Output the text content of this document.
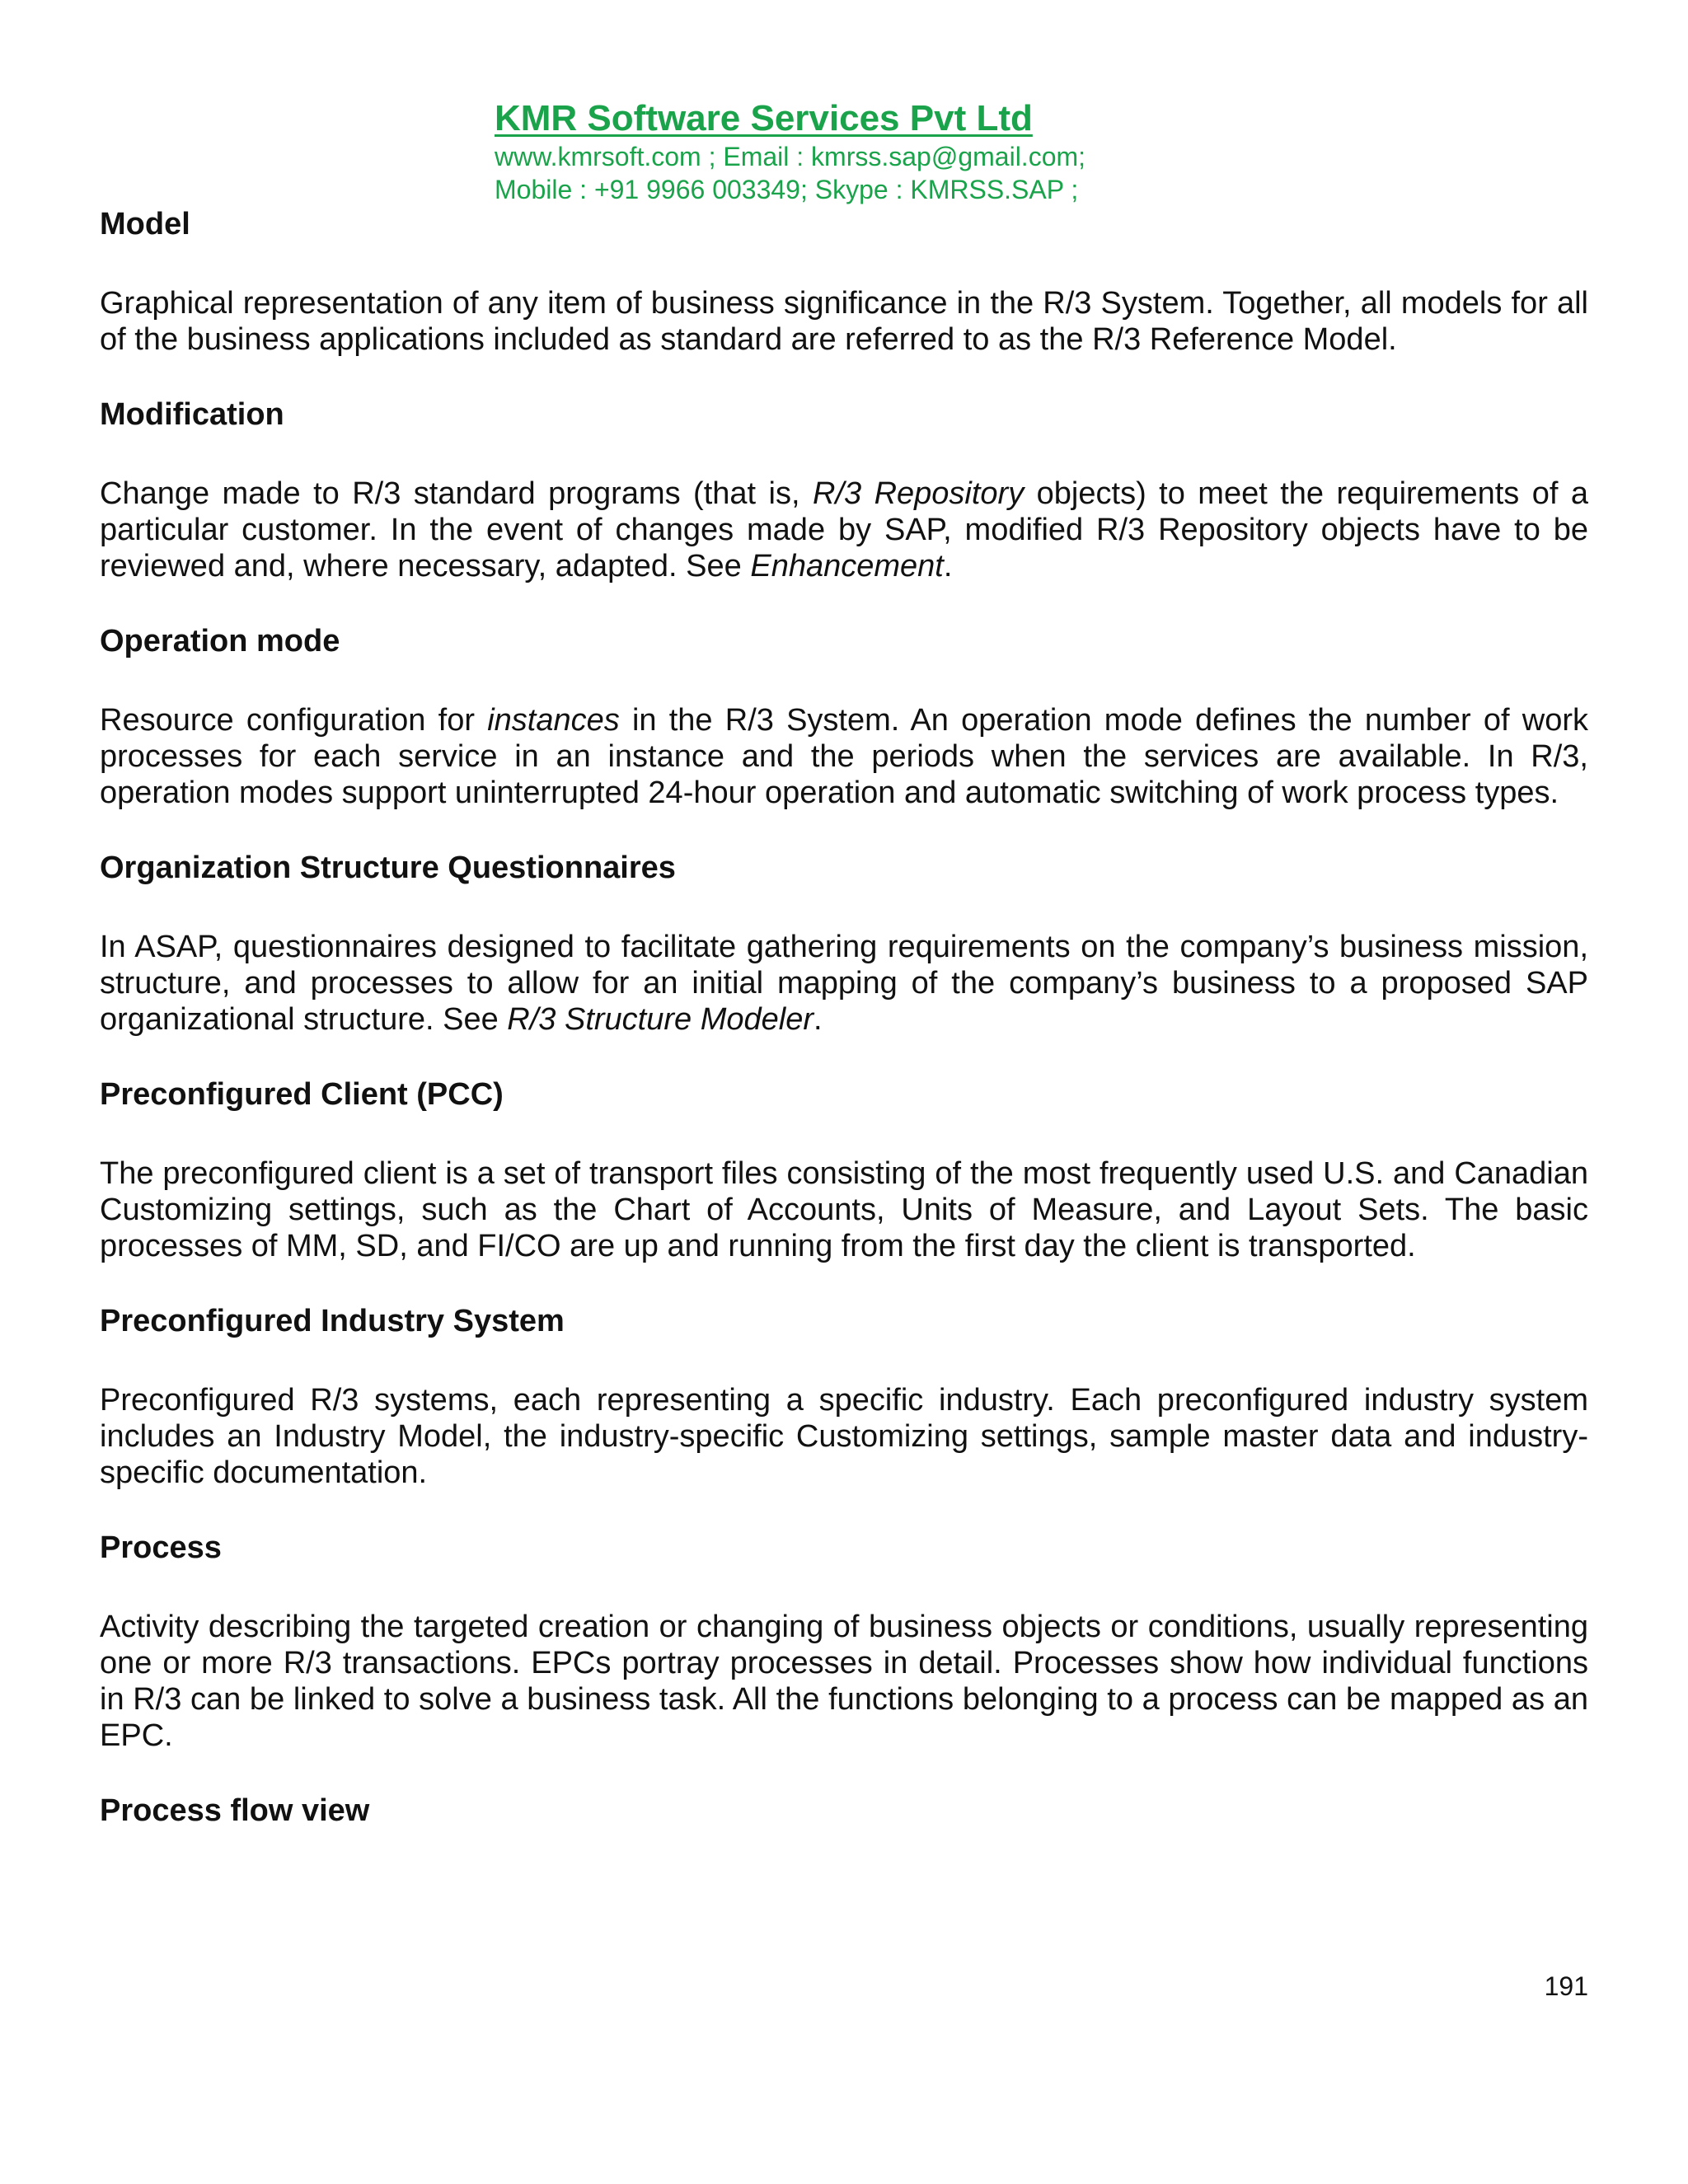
KMR Software Services Pvt Ltd

www.kmrsoft.com ; Email : kmrss.sap@gmail.com;

Mobile : +91 9966 003349; Skype : KMRSS.SAP ;

Model

Graphical representation of any item of business significance in the R/3 System. Together, all models for all of the business applications included as standard are referred to as the R/3 Reference Model.

Modification

Change made to R/3 standard programs (that is, R/3 Repository objects) to meet the requirements of a particular customer. In the event of changes made by SAP, modified R/3 Repository objects have to be reviewed and, where necessary, adapted. See Enhancement.

Operation mode

Resource configuration for instances in the R/3 System. An operation mode defines the number of work processes for each service in an instance and the periods when the services are available. In R/3, operation modes support uninterrupted 24-hour operation and automatic switching of work process types.

Organization Structure Questionnaires

In ASAP, questionnaires designed to facilitate gathering requirements on the company’s business mission, structure, and processes to allow for an initial mapping of the company’s business to a proposed SAP organizational structure. See R/3 Structure Modeler.

Preconfigured Client (PCC)

The preconfigured client is a set of transport files consisting of the most frequently used U.S. and Canadian Customizing settings, such as the Chart of Accounts, Units of Measure, and Layout Sets. The basic processes of MM, SD, and FI/CO are up and running from the first day the client is transported.

Preconfigured Industry System

Preconfigured R/3 systems, each representing a specific industry. Each preconfigured industry system includes an Industry Model, the industry-specific Customizing settings, sample master data and industry-specific documentation.

Process

Activity describing the targeted creation or changing of business objects or conditions, usually representing one or more R/3 transactions. EPCs portray processes in detail. Processes show how individual functions in R/3 can be linked to solve a business task. All the functions belonging to a process can be mapped as an EPC.

Process flow view

191
